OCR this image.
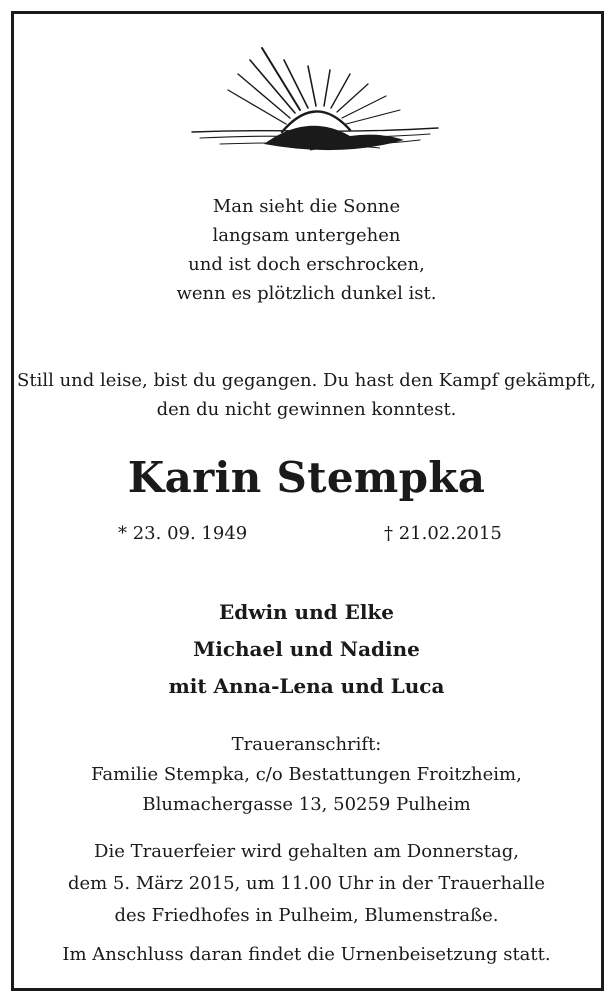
Man sieht die Sonne
langsam untergehen
und ist doch erschrocken,
wenn es plötzlich dunkel ist.
Still und leise, bist du gegangen. Du hast den Kampf gekämpft,
den du nicht gewinnen konntest.
Karin Stempka
* 23. 09. 1949	† 21.02.2015
Edwin und Elke
Michael und Nadine
mit Anna-Lena und Luca
Traueranschrift:
Familie Stempka, c/o Bestattungen Froitzheim,
Blumachergasse 13, 50259 Pulheim
Die Trauerfeier wird gehalten am Donnerstag,
dem 5. März 2015, um 11.00 Uhr in der Trauerhalle
des Friedhofes in Pulheim, Blumenstraße.
Im Anschluss daran findet die Urnenbeisetzung statt.
